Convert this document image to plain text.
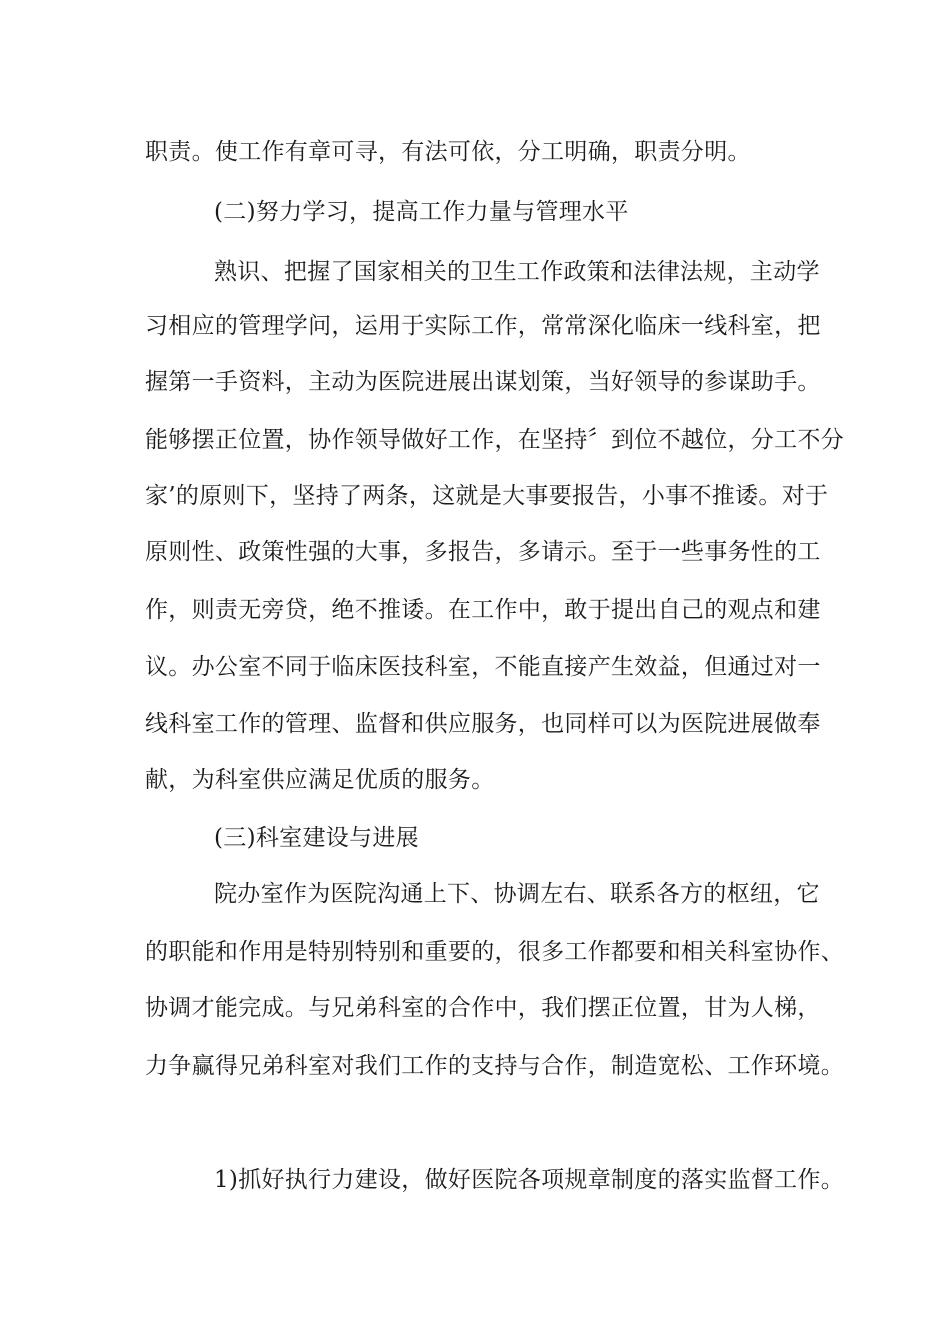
职责。使工作有章可寻，有法可依，分工明确，职责分明。
(二)努力学习，提高工作力量与管理水平
熟识、把握了国家相关的卫生工作政策和法律法规，主动学
习相应的管理学问，运用于实际工作，常常深化临床一线科室，把
握第一手资料，主动为医院进展出谋划策，当好领导的参谋助手。
能够摆正位置，协作领导做好工作，在坚持〞到位不越位，分工不分
家’的原则下，坚持了两条，这就是大事要报告，小事不推诿。对于
原则性、政策性强的大事，多报告，多请示。至于一些事务性的工
作，则责无旁贷，绝不推诿。在工作中，敢于提出自己的观点和建
议。办公室不同于临床医技科室，不能直接产生效益，但通过对一
线科室工作的管理、监督和供应服务，也同样可以为医院进展做奉
献，为科室供应满足优质的服务。
(三)科室建设与进展
院办室作为医院沟通上下、协调左右、联系各方的枢纽，它
的职能和作用是特别特别和重要的，很多工作都要和相关科室协作、
协调才能完成。与兄弟科室的合作中，我们摆正位置，甘为人梯，
力争赢得兄弟科室对我们工作的支持与合作，制造宽松、工作环境。
1)抓好执行力建设，做好医院各项规章制度的落实监督工作。
